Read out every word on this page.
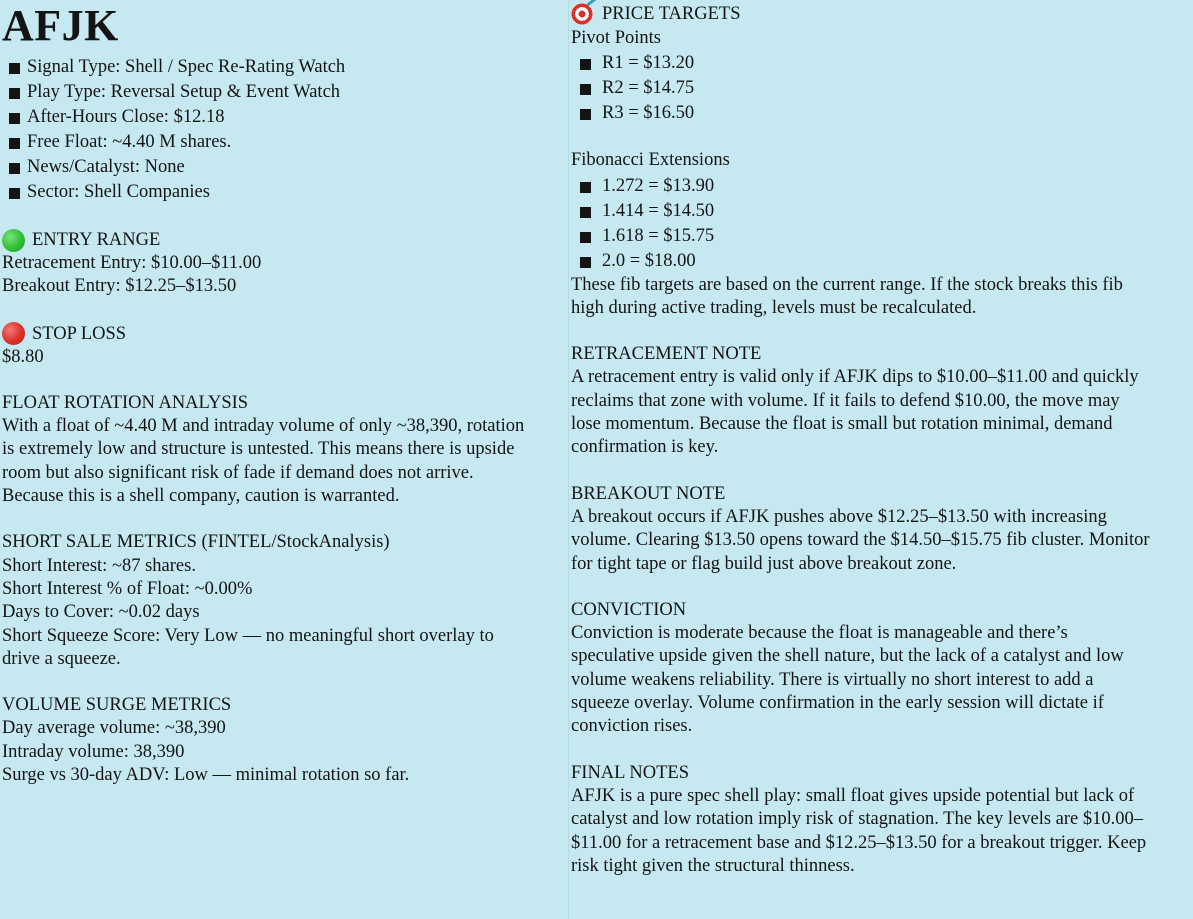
AFJK
Signal Type: Shell / Spec Re-Rating Watch
Play Type: Reversal Setup & Event Watch
After-Hours Close: $12.18
Free Float: ~4.40 M shares.
News/Catalyst: None
Sector: Shell Companies
ENTRY RANGE
Retracement Entry: $10.00–$11.00
Breakout Entry: $12.25–$13.50
STOP LOSS
$8.80
FLOAT ROTATION ANALYSIS
With a float of ~4.40 M and intraday volume of only ~38,390, rotation
is extremely low and structure is untested. This means there is upside
room but also significant risk of fade if demand does not arrive.
Because this is a shell company, caution is warranted.
SHORT SALE METRICS (FINTEL/StockAnalysis)
Short Interest: ~87 shares.
Short Interest % of Float: ~0.00%
Days to Cover: ~0.02 days
Short Squeeze Score: Very Low — no meaningful short overlay to
drive a squeeze.
VOLUME SURGE METRICS
Day average volume: ~38,390
Intraday volume: 38,390
Surge vs 30-day ADV: Low — minimal rotation so far.
PRICE TARGETS
Pivot Points
R1 = $13.20
R2 = $14.75
R3 = $16.50
Fibonacci Extensions
1.272 = $13.90
1.414 = $14.50
1.618 = $15.75
2.0 = $18.00
These fib targets are based on the current range. If the stock breaks this fib
high during active trading, levels must be recalculated.
RETRACEMENT NOTE
A retracement entry is valid only if AFJK dips to $10.00–$11.00 and quickly
reclaims that zone with volume. If it fails to defend $10.00, the move may
lose momentum. Because the float is small but rotation minimal, demand
confirmation is key.
BREAKOUT NOTE
A breakout occurs if AFJK pushes above $12.25–$13.50 with increasing
volume. Clearing $13.50 opens toward the $14.50–$15.75 fib cluster. Monitor
for tight tape or flag build just above breakout zone.
CONVICTION
Conviction is moderate because the float is manageable and there’s
speculative upside given the shell nature, but the lack of a catalyst and low
volume weakens reliability. There is virtually no short interest to add a
squeeze overlay. Volume confirmation in the early session will dictate if
conviction rises.
FINAL NOTES
AFJK is a pure spec shell play: small float gives upside potential but lack of
catalyst and low rotation imply risk of stagnation. The key levels are $10.00–
$11.00 for a retracement base and $12.25–$13.50 for a breakout trigger. Keep
risk tight given the structural thinness.
